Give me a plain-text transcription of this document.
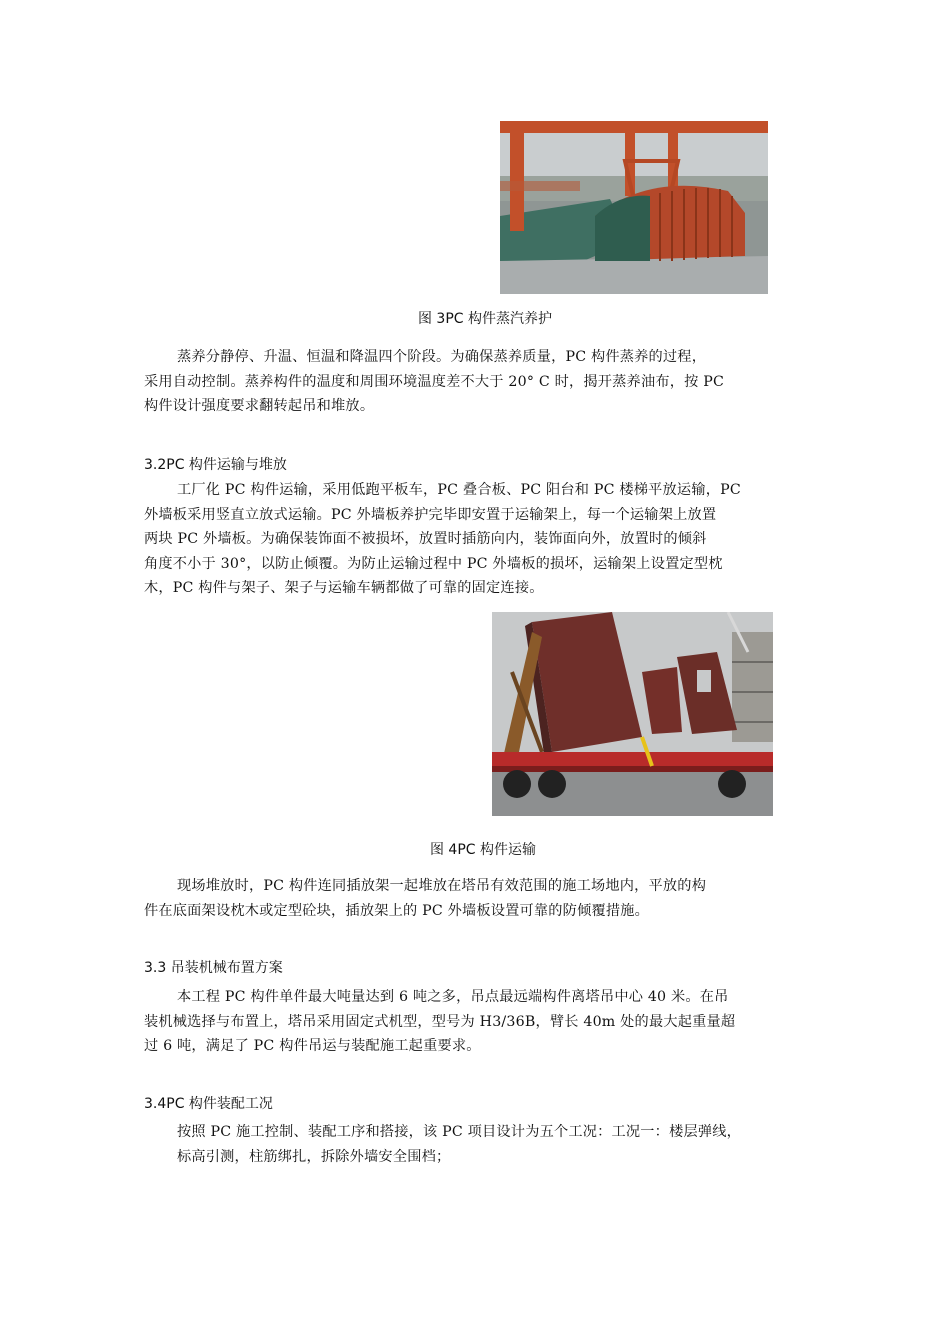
图 3PC 构件蒸汽养护
蒸养分静停、升温、恒温和降温四个阶段。为确保蒸养质量，PC 构件蒸养的过程，
采用自动控制。蒸养构件的温度和周围环境温度差不大于 20° C 时，揭开蒸养油布，按 PC
构件设计强度要求翻转起吊和堆放。
3.2PC 构件运输与堆放
工厂化 PC 构件运输，采用低跑平板车，PC 叠合板、PC 阳台和 PC 楼梯平放运输，PC
外墙板采用竖直立放式运输。PC 外墙板养护完毕即安置于运输架上，每一个运输架上放置
两块 PC 外墙板。为确保装饰面不被损坏，放置时插筋向内，装饰面向外，放置时的倾斜
角度不小于 30°，以防止倾覆。为防止运输过程中 PC 外墙板的损坏，运输架上设置定型枕
木，PC 构件与架子、架子与运输车辆都做了可靠的固定连接。
图 4PC 构件运输
现场堆放时，PC 构件连同插放架一起堆放在塔吊有效范围的施工场地内，平放的构
件在底面架设枕木或定型砼块，插放架上的 PC 外墙板设置可靠的防倾覆措施。
3.3 吊装机械布置方案
本工程 PC 构件单件最大吨量达到 6 吨之多，吊点最远端构件离塔吊中心 40 米。在吊
装机械选择与布置上，塔吊采用固定式机型，型号为 H3/36B，臂长 40m 处的最大起重量超
过 6 吨，满足了 PC 构件吊运与装配施工起重要求。
3.4PC 构件装配工况
按照 PC 施工控制、装配工序和搭接，该 PC 项目设计为五个工况：工况一：楼层弹线，
标高引测，柱筋绑扎，拆除外墙安全围档；
